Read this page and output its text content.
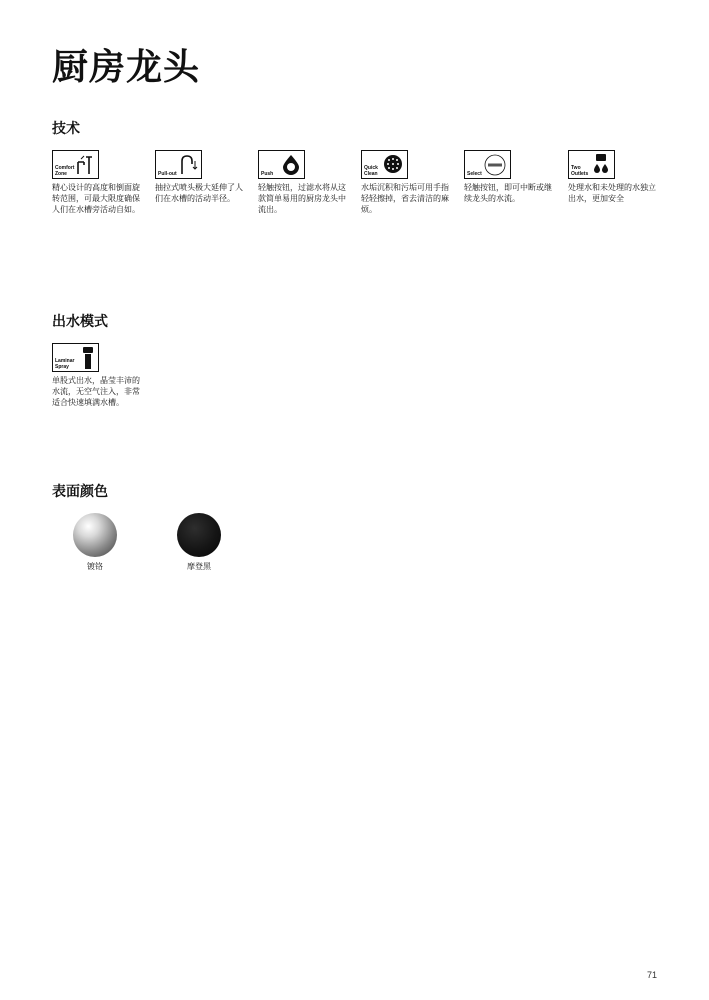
厨房龙头
技术
Comfort
Zone
精心设计的高度和倒面旋转范围，可最大限度确保人们在水槽旁活动自如。
Pull-out
抽拉式喷头极大延伸了人们在水槽的活动半径。
Push
轻触按钮，过滤水将从这款简单易用的厨房龙头中流出。
Quick
Clean
水垢沉积和污垢可用手指轻轻擦掉，省去清洁的麻烦。
Select
轻触按钮，即可中断或继续龙头的水流。
Two
Outlets
处理水和未处理的水独立出水，更加安全
出水模式
Laminar
Spray
单股式出水，晶莹丰沛的水流，无空气注入，非常适合快速填满水槽。
表面颜色
镀铬	摩登黑
71
